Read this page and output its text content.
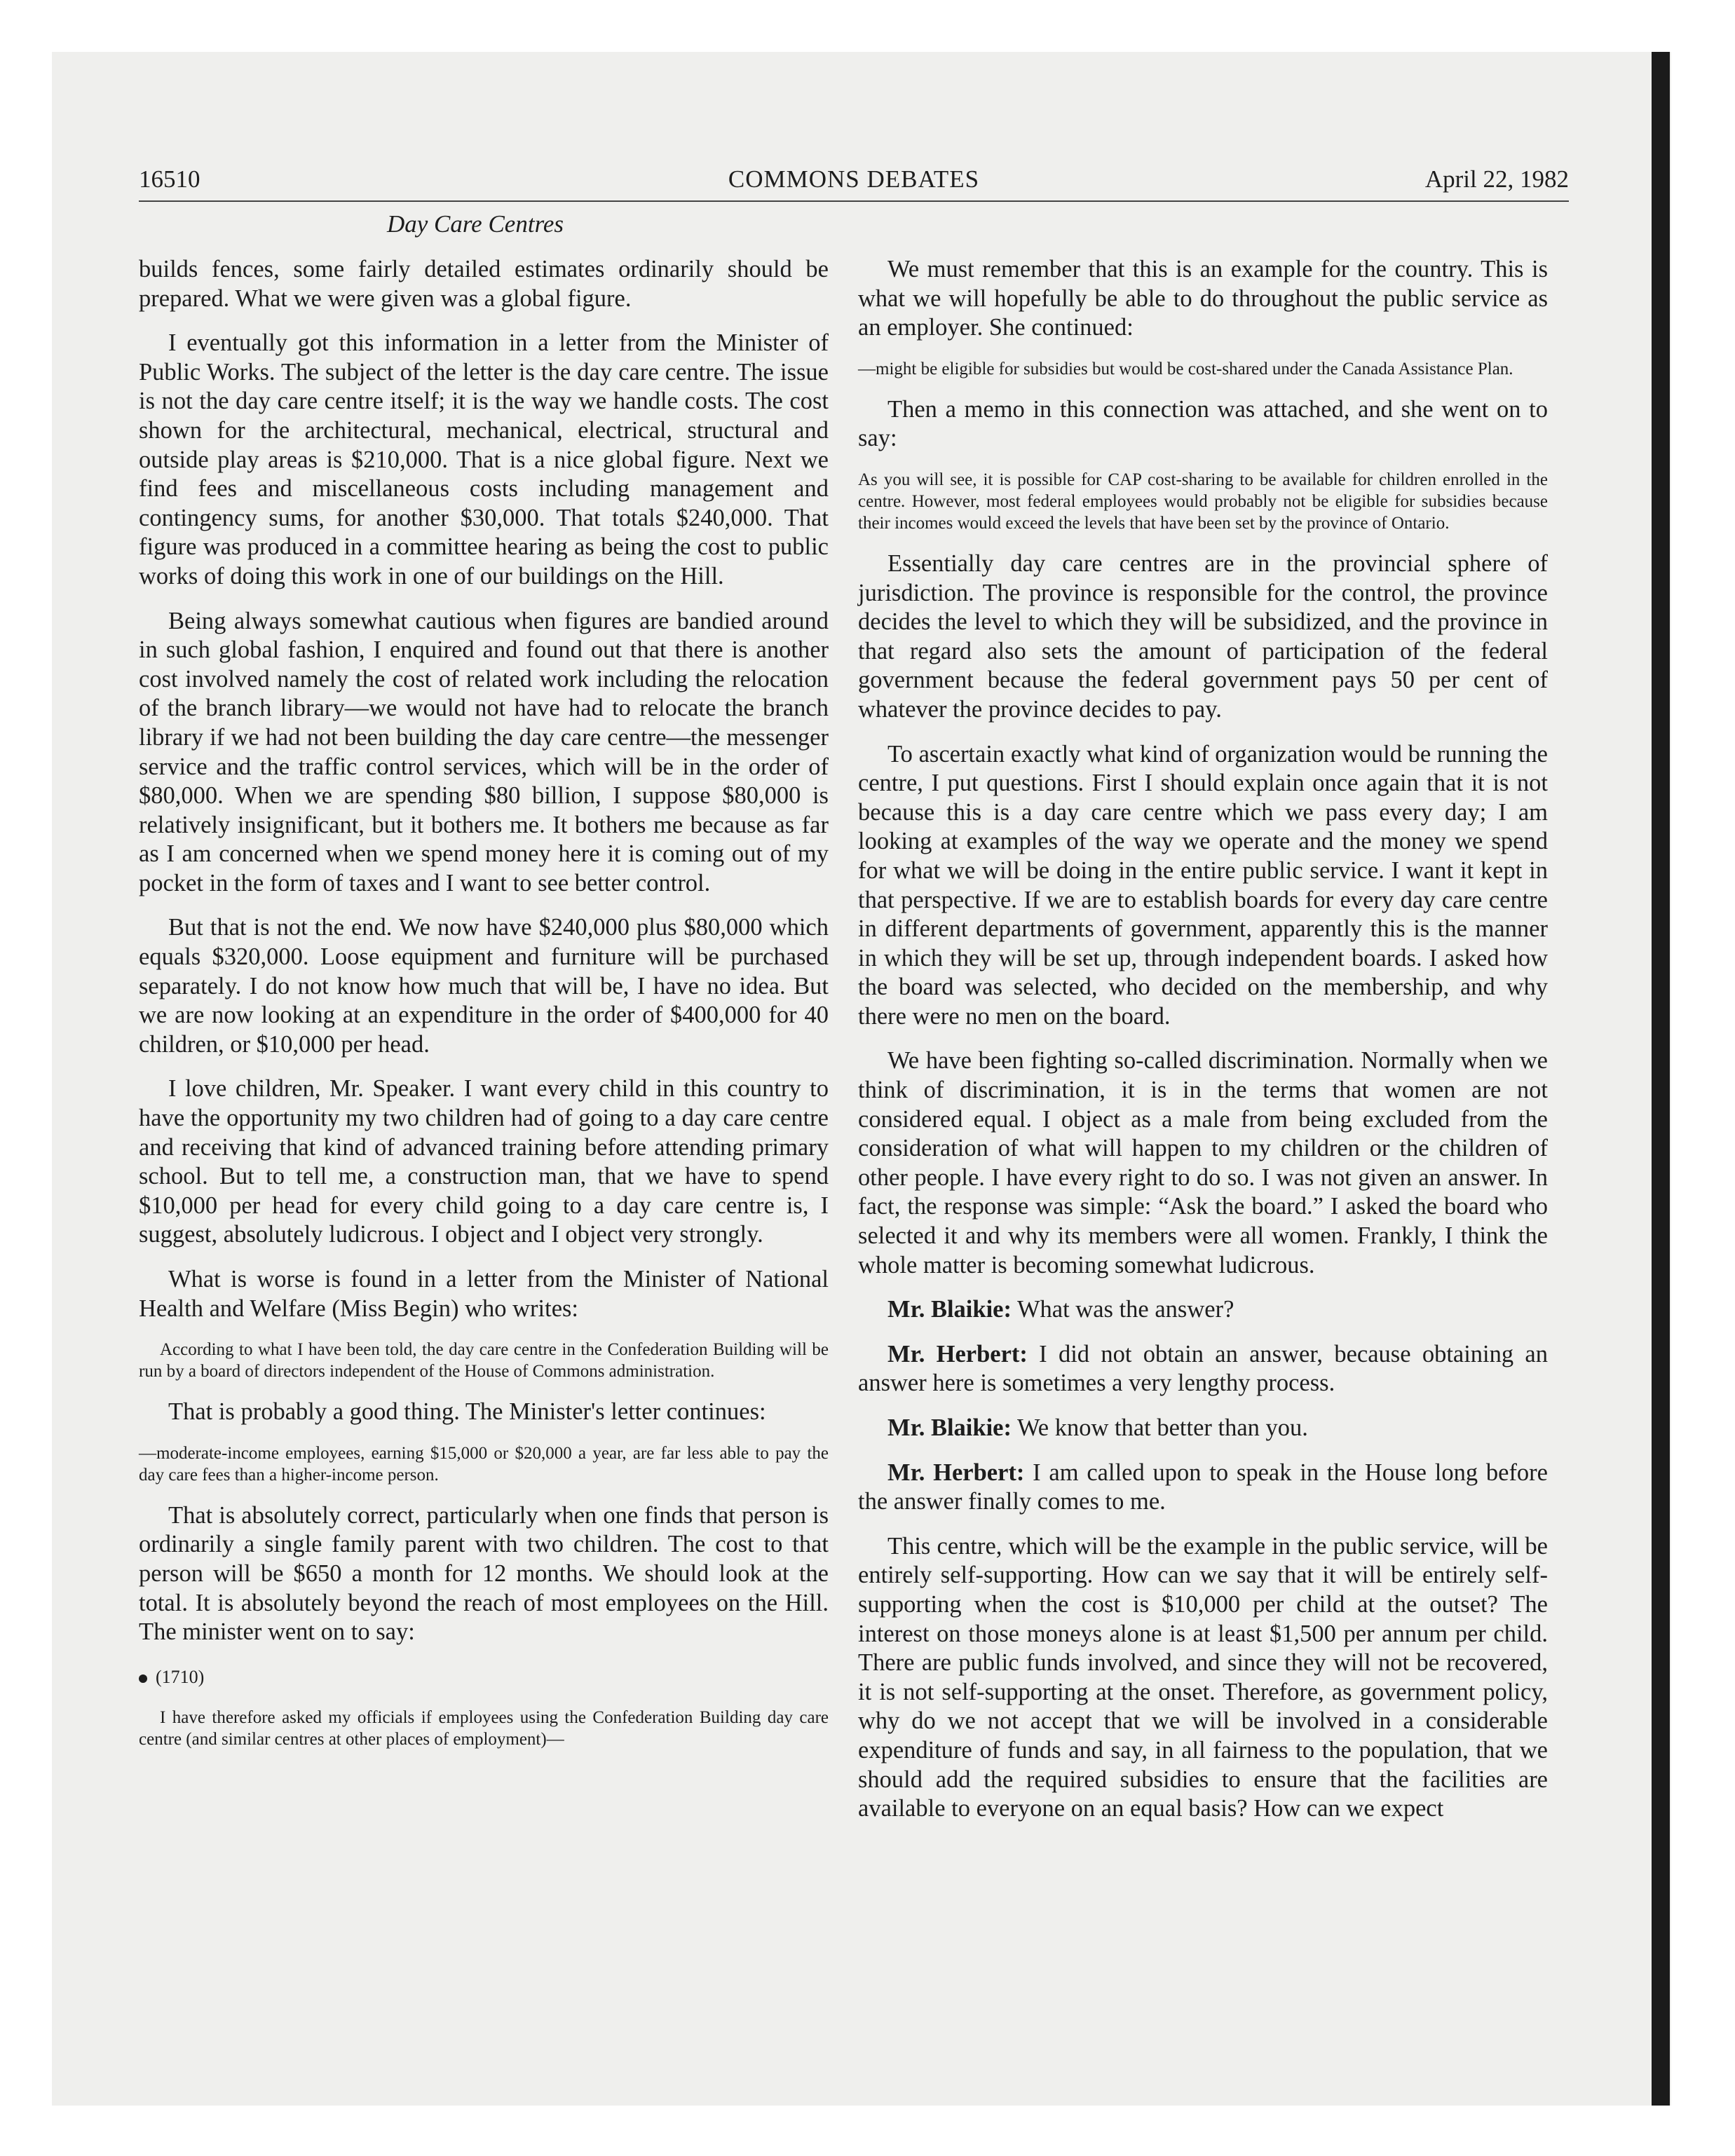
16510	COMMONS DEBATES	April 22, 1982
Day Care Centres

builds fences, some fairly detailed estimates ordinarily should be prepared. What we were given was a global figure.

I eventually got this information in a letter from the Minister of Public Works. The subject of the letter is the day care centre. The issue is not the day care centre itself; it is the way we handle costs. The cost shown for the architectural, mechanical, electrical, structural and outside play areas is $210,000. That is a nice global figure. Next we find fees and miscellaneous costs including management and contingency sums, for another $30,000. That totals $240,000. That figure was produced in a committee hearing as being the cost to public works of doing this work in one of our buildings on the Hill.

Being always somewhat cautious when figures are bandied around in such global fashion, I enquired and found out that there is another cost involved namely the cost of related work including the relocation of the branch library—we would not have had to relocate the branch library if we had not been building the day care centre—the messenger service and the traffic control services, which will be in the order of $80,000. When we are spending $80 billion, I suppose $80,000 is relatively insignificant, but it bothers me. It bothers me because as far as I am concerned when we spend money here it is coming out of my pocket in the form of taxes and I want to see better control.

But that is not the end. We now have $240,000 plus $80,000 which equals $320,000. Loose equipment and furniture will be purchased separately. I do not know how much that will be, I have no idea. But we are now looking at an expenditure in the order of $400,000 for 40 children, or $10,000 per head.

I love children, Mr. Speaker. I want every child in this country to have the opportunity my two children had of going to a day care centre and receiving that kind of advanced training before attending primary school. But to tell me, a construction man, that we have to spend $10,000 per head for every child going to a day care centre is, I suggest, absolutely ludicrous. I object and I object very strongly.

What is worse is found in a letter from the Minister of National Health and Welfare (Miss Begin) who writes:

According to what I have been told, the day care centre in the Confederation Building will be run by a board of directors independent of the House of Commons administration.

That is probably a good thing. The Minister's letter continues:

—moderate-income employees, earning $15,000 or $20,000 a year, are far less able to pay the day care fees than a higher-income person.

That is absolutely correct, particularly when one finds that person is ordinarily a single family parent with two children. The cost to that person will be $650 a month for 12 months. We should look at the total. It is absolutely beyond the reach of most employees on the Hill. The minister went on to say:

(1710)
I have therefore asked my officials if employees using the Confederation Building day care centre (and similar centres at other places of employment)—

We must remember that this is an example for the country. This is what we will hopefully be able to do throughout the public service as an employer. She continued:

—might be eligible for subsidies but would be cost-shared under the Canada Assistance Plan.

Then a memo in this connection was attached, and she went on to say:

As you will see, it is possible for CAP cost-sharing to be available for children enrolled in the centre. However, most federal employees would probably not be eligible for subsidies because their incomes would exceed the levels that have been set by the province of Ontario.

Essentially day care centres are in the provincial sphere of jurisdiction. The province is responsible for the control, the province decides the level to which they will be subsidized, and the province in that regard also sets the amount of participation of the federal government because the federal government pays 50 per cent of whatever the province decides to pay.

To ascertain exactly what kind of organization would be running the centre, I put questions. First I should explain once again that it is not because this is a day care centre which we pass every day; I am looking at examples of the way we operate and the money we spend for what we will be doing in the entire public service. I want it kept in that perspective. If we are to establish boards for every day care centre in different departments of government, apparently this is the manner in which they will be set up, through independent boards. I asked how the board was selected, who decided on the membership, and why there were no men on the board.

We have been fighting so-called discrimination. Normally when we think of discrimination, it is in the terms that women are not considered equal. I object as a male from being excluded from the consideration of what will happen to my children or the children of other people. I have every right to do so. I was not given an answer. In fact, the response was simple: “Ask the board.” I asked the board who selected it and why its members were all women. Frankly, I think the whole matter is becoming somewhat ludicrous.

Mr. Blaikie: What was the answer?

Mr. Herbert: I did not obtain an answer, because obtaining an answer here is sometimes a very lengthy process.

Mr. Blaikie: We know that better than you.

Mr. Herbert: I am called upon to speak in the House long before the answer finally comes to me.

This centre, which will be the example in the public service, will be entirely self-supporting. How can we say that it will be entirely self-supporting when the cost is $10,000 per child at the outset? The interest on those moneys alone is at least $1,500 per annum per child. There are public funds involved, and since they will not be recovered, it is not self-supporting at the onset. Therefore, as government policy, why do we not accept that we will be involved in a considerable expenditure of funds and say, in all fairness to the population, that we should add the required subsidies to ensure that the facilities are available to everyone on an equal basis? How can we expect
